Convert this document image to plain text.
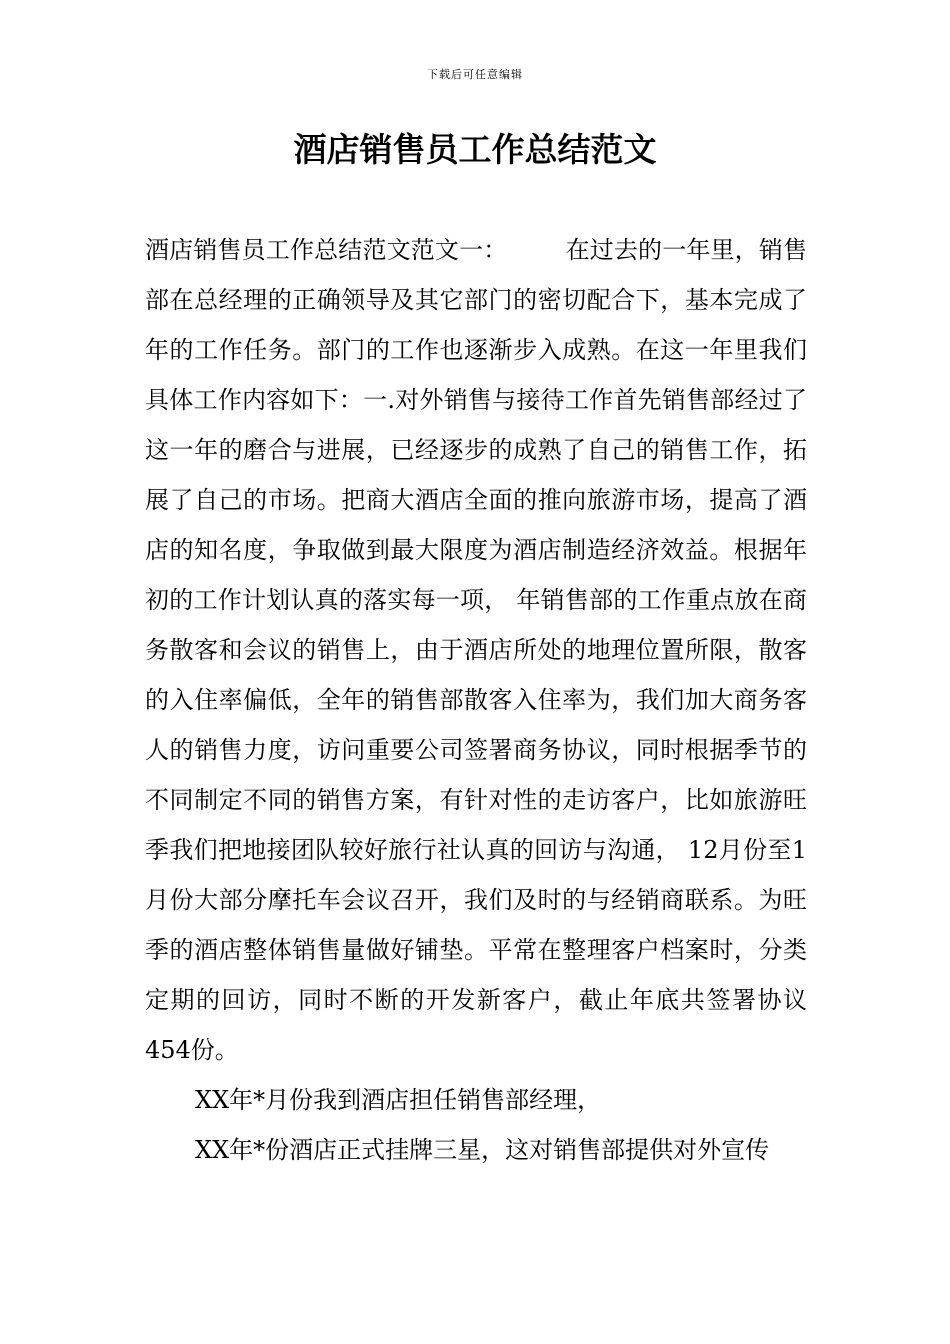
下载后可任意编辑
酒店销售员工作总结范文

酒店销售员工作总结范文范文一： 在过去的一年里，销售部在总经理的正确领导及其它部门的密切配合下，基本完成了 年的工作任务。部门的工作也逐渐步入成熟。在这一年里我们具体工作内容如下：一.对外销售与接待工作首先销售部经过了这一年的磨合与进展，已经逐步的成熟了自己的销售工作，拓展了自己的市场。把商大酒店全面的推向旅游市场，提高了酒店的知名度，争取做到最大限度为酒店制造经济效益。根据年初的工作计划认真的落实每一项， 年销售部的工作重点放在商务散客和会议的销售上，由于酒店所处的地理位置所限，散客的入住率偏低，全年的销售部散客入住率为，我们加大商务客人的销售力度，访问重要公司签署商务协议，同时根据季节的不同制定不同的销售方案，有针对性的走访客户，比如旅游旺季我们把地接团队较好旅行社认真的回访与沟通， 12月份至1月份大部分摩托车会议召开，我们及时的与经销商联系。为旺季的酒店整体销售量做好铺垫。平常在整理客户档案时，分类定期的回访，同时不断的开发新客户，截止年底共签署协议454份。

XX年*月份我到酒店担任销售部经理，

XX年*份酒店正式挂牌三星，这对销售部提供对外宣传
